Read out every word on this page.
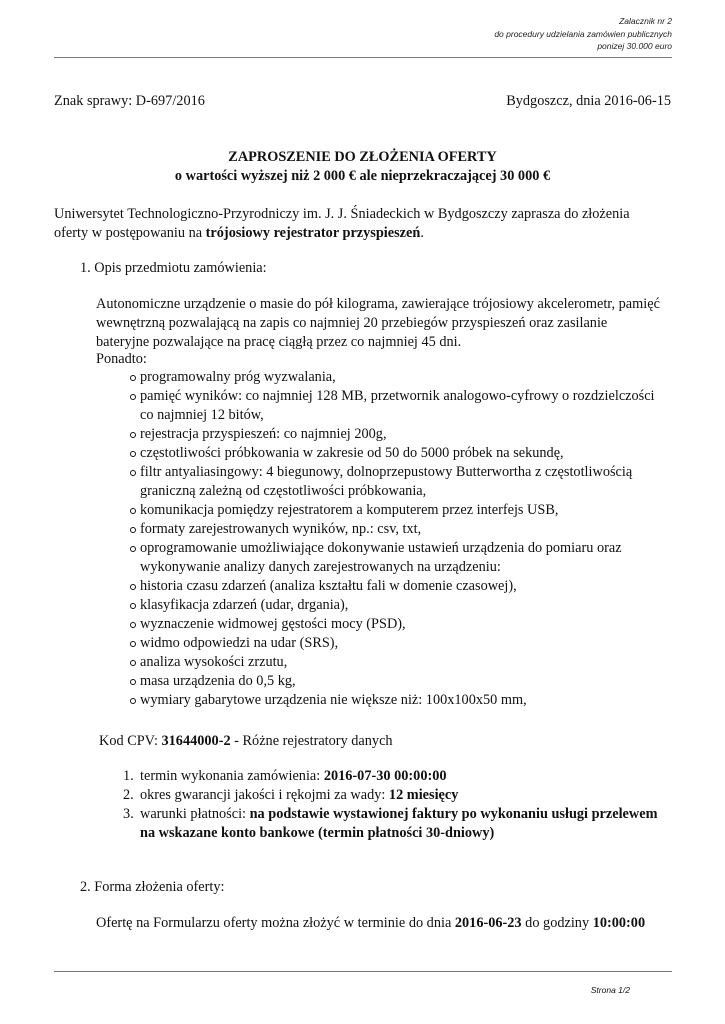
Zalacznik nr 2
do procedury udzielania zamówien publicznych
ponizej 30.000 euro
Znak sprawy: D-697/2016	Bydgoszcz, dnia 2016-06-15
ZAPROSZENIE DO ZŁOŻENIA OFERTY
o wartości wyższej niż 2 000 € ale nieprzekraczającej 30 000 €
Uniwersytet Technologiczno-Przyrodniczy im. J. J. Śniadeckich w Bydgoszczy zaprasza do złożenia
oferty w postępowaniu na trójosiowy rejestrator przyspieszeń.
1. Opis przedmiotu zamówienia:
Autonomiczne urządzenie o masie do pół kilograma, zawierające trójosiowy akcelerometr, pamięć
wewnętrzną pozwalającą na zapis co najmniej 20 przebiegów przyspieszeń oraz zasilanie
bateryjne pozwalające na pracę ciągłą przez co najmniej 45 dni.
Ponadto:
programowalny próg wyzwalania,
pamięć wyników: co najmniej 128 MB, przetwornik analogowo-cyfrowy o rozdzielczości
co najmniej 12 bitów,
rejestracja przyspieszeń: co najmniej 200g,
częstotliwości próbkowania w zakresie od 50 do 5000 próbek na sekundę,
filtr antyaliasingowy: 4 biegunowy, dolnoprzepustowy Butterwortha z częstotliwością
graniczną zależną od częstotliwości próbkowania,
komunikacja pomiędzy rejestratorem a komputerem przez interfejs USB,
formaty zarejestrowanych wyników, np.: csv, txt,
oprogramowanie umożliwiające dokonywanie ustawień urządzenia do pomiaru oraz
wykonywanie analizy danych zarejestrowanych na urządzeniu:
historia czasu zdarzeń (analiza kształtu fali w domenie czasowej),
klasyfikacja zdarzeń (udar, drgania),
wyznaczenie widmowej gęstości mocy (PSD),
widmo odpowiedzi na udar (SRS),
analiza wysokości zrzutu,
masa urządzenia do 0,5 kg,
wymiary gabarytowe urządzenia nie większe niż: 100x100x50 mm,
Kod CPV: 31644000-2 - Różne rejestratory danych
1. termin wykonania zamówienia: 2016-07-30 00:00:00
2. okres gwarancji jakości i rękojmi za wady: 12 miesięcy
3. warunki płatności: na podstawie wystawionej faktury po wykonaniu usługi przelewem
na wskazane konto bankowe (termin płatności 30-dniowy)
2. Forma złożenia oferty:
Ofertę na Formularzu oferty można złożyć w terminie do dnia 2016-06-23 do godziny 10:00:00
Strona 1/2
